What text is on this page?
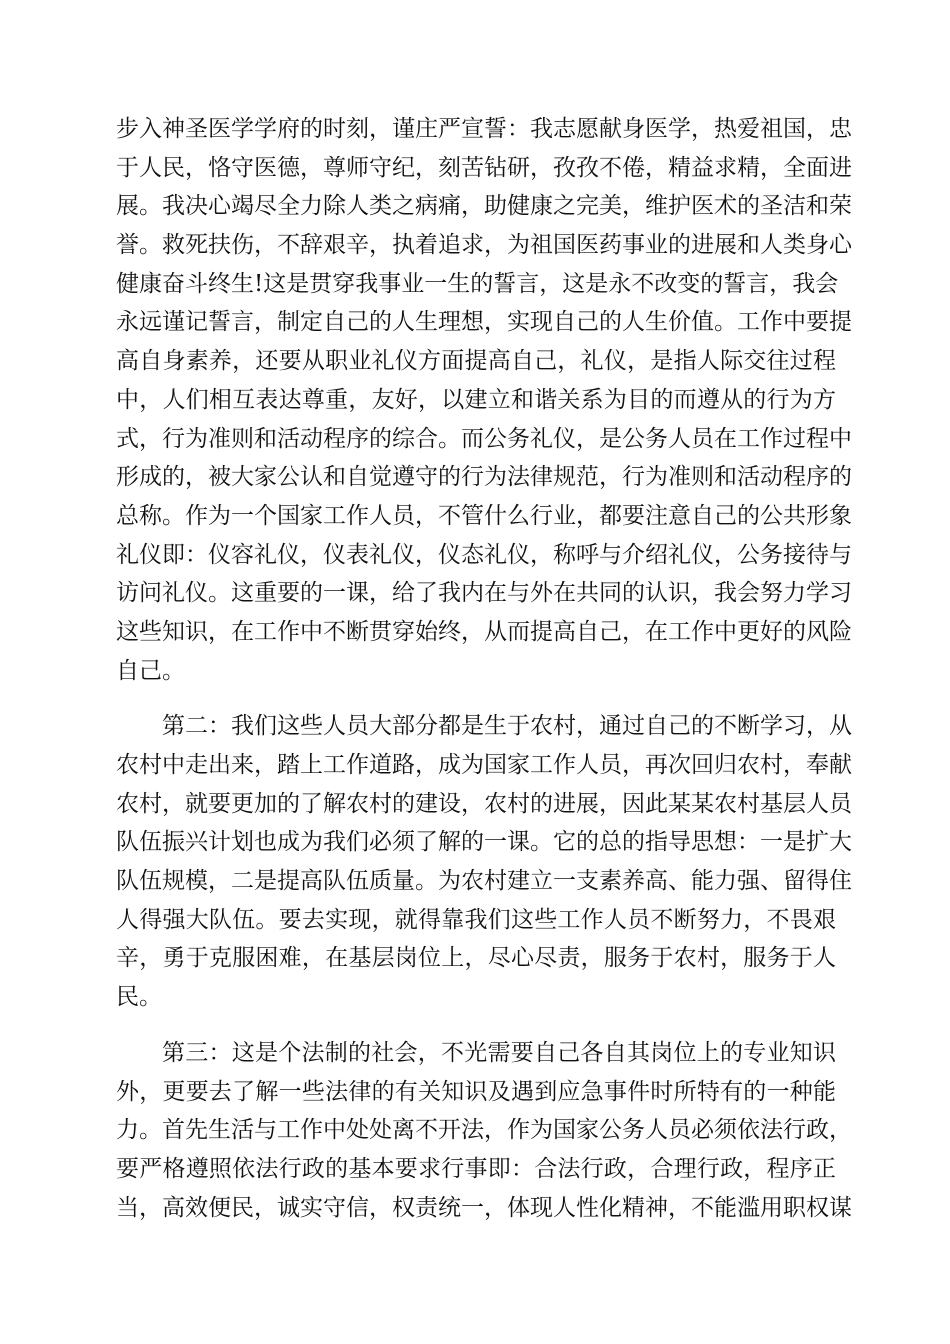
步入神圣医学学府的时刻，谨庄严宣誓：我志愿献身医学，热爱祖国，忠
于人民，恪守医德，尊师守纪，刻苦钻研，孜孜不倦，精益求精，全面进
展。我决心竭尽全力除人类之病痛，助健康之完美，维护医术的圣洁和荣
誉。救死扶伤，不辞艰辛，执着追求，为祖国医药事业的进展和人类身心
健康奋斗终生!这是贯穿我事业一生的誓言，这是永不改变的誓言，我会
永远谨记誓言，制定自己的人生理想，实现自己的人生价值。工作中要提
高自身素养，还要从职业礼仪方面提高自己，礼仪，是指人际交往过程
中，人们相互表达尊重，友好，以建立和谐关系为目的而遵从的行为方
式，行为准则和活动程序的综合。而公务礼仪，是公务人员在工作过程中
形成的，被大家公认和自觉遵守的行为法律规范，行为准则和活动程序的
总称。作为一个国家工作人员，不管什么行业，都要注意自己的公共形象
礼仪即：仪容礼仪，仪表礼仪，仪态礼仪，称呼与介绍礼仪，公务接待与
访问礼仪。这重要的一课，给了我内在与外在共同的认识，我会努力学习
这些知识，在工作中不断贯穿始终，从而提高自己，在工作中更好的风险
自己。
第二：我们这些人员大部分都是生于农村，通过自己的不断学习，从
农村中走出来，踏上工作道路，成为国家工作人员，再次回归农村，奉献
农村，就要更加的了解农村的建设，农村的进展，因此某某农村基层人员
队伍振兴计划也成为我们必须了解的一课。它的总的指导思想：一是扩大
队伍规模，二是提高队伍质量。为农村建立一支素养高、能力强、留得住
人得强大队伍。要去实现，就得靠我们这些工作人员不断努力，不畏艰
辛，勇于克服困难，在基层岗位上，尽心尽责，服务于农村，服务于人
民。
第三：这是个法制的社会，不光需要自己各自其岗位上的专业知识
外，更要去了解一些法律的有关知识及遇到应急事件时所特有的一种能
力。首先生活与工作中处处离不开法，作为国家公务人员必须依法行政，
要严格遵照依法行政的基本要求行事即：合法行政，合理行政，程序正
当，高效便民，诚实守信，权责统一，体现人性化精神，不能滥用职权谋
